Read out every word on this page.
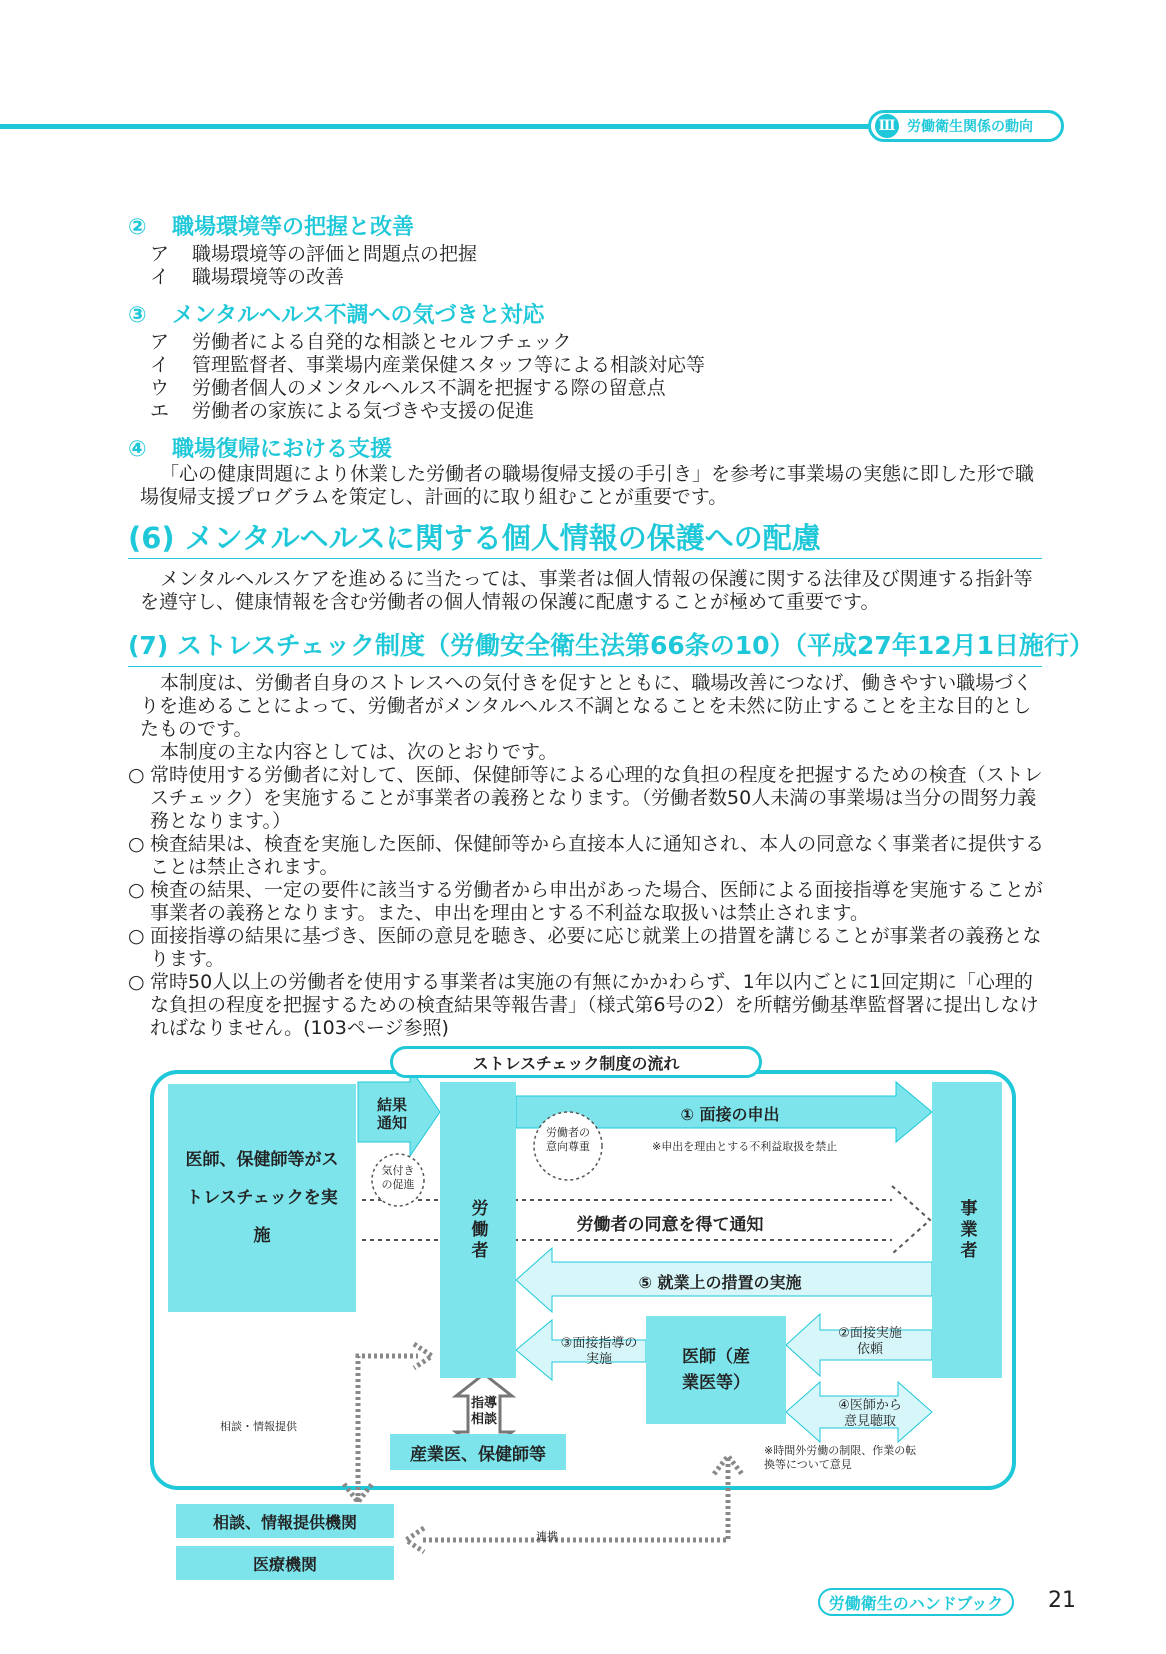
Ⅲ 労働衛生関係の動向
② 職場環境等の把握と改善
ア 職場環境等の評価と問題点の把握
イ 職場環境等の改善
③ メンタルヘルス不調への気づきと対応
ア 労働者による自発的な相談とセルフチェック
イ 管理監督者、事業場内産業保健スタッフ等による相談対応等
ウ 労働者個人のメンタルヘルス不調を把握する際の留意点
エ 労働者の家族による気づきや支援の促進
④ 職場復帰における支援
「心の健康問題により休業した労働者の職場復帰支援の手引き」を参考に事業場の実態に即した形で職場復帰支援プログラムを策定し、計画的に取り組むことが重要です。
(6) メンタルヘルスに関する個人情報の保護への配慮
メンタルヘルスケアを進めるに当たっては、事業者は個人情報の保護に関する法律及び関連する指針等を遵守し、健康情報を含む労働者の個人情報の保護に配慮することが極めて重要です。
(7) ストレスチェック制度（労働安全衛生法第66条の10）（平成27年12月1日施行）
本制度は、労働者自身のストレスへの気付きを促すとともに、職場改善につなげ、働きやすい職場づくりを進めることによって、労働者がメンタルヘルス不調となることを未然に防止することを主な目的としたものです。
本制度の主な内容としては、次のとおりです。
○ 常時使用する労働者に対して、医師、保健師等による心理的な負担の程度を把握するための検査（ストレスチェック）を実施することが事業者の義務となります。（労働者数50人未満の事業場は当分の間努力義務となります。）
○ 検査結果は、検査を実施した医師、保健師等から直接本人に通知され、本人の同意なく事業者に提供することは禁止されます。
○ 検査の結果、一定の要件に該当する労働者から申出があった場合、医師による面接指導を実施することが事業者の義務となります。また、申出を理由とする不利益な取扱いは禁止されます。
○ 面接指導の結果に基づき、医師の意見を聴き、必要に応じ就業上の措置を講じることが事業者の義務となります。
○ 常時50人以上の労働者を使用する事業者は実施の有無にかかわらず、1年以内ごとに1回定期に「心理的な負担の程度を把握するための検査結果等報告書」（様式第6号の2）を所轄労働基準監督署に提出しなければなりません。(103ページ参照)
ストレスチェック制度の流れ
医師、保健師等がストレスチェックを実施	労働者	事業者
医師（産業医等）
産業医、保健師等
相談、情報提供機関
医療機関
結果通知
気付きの促進
① 面接の申出
労働者の意向尊重	※申出を理由とする不利益取扱を禁止
労働者の同意を得て通知
⑤ 就業上の措置の実施
③面接指導の実施
②面接実施依頼
④医師から意見聴取
※時間外労働の制限、作業の転換等について意見
指導相談
相談・情報提供
連携
労働衛生のハンドブック	21
